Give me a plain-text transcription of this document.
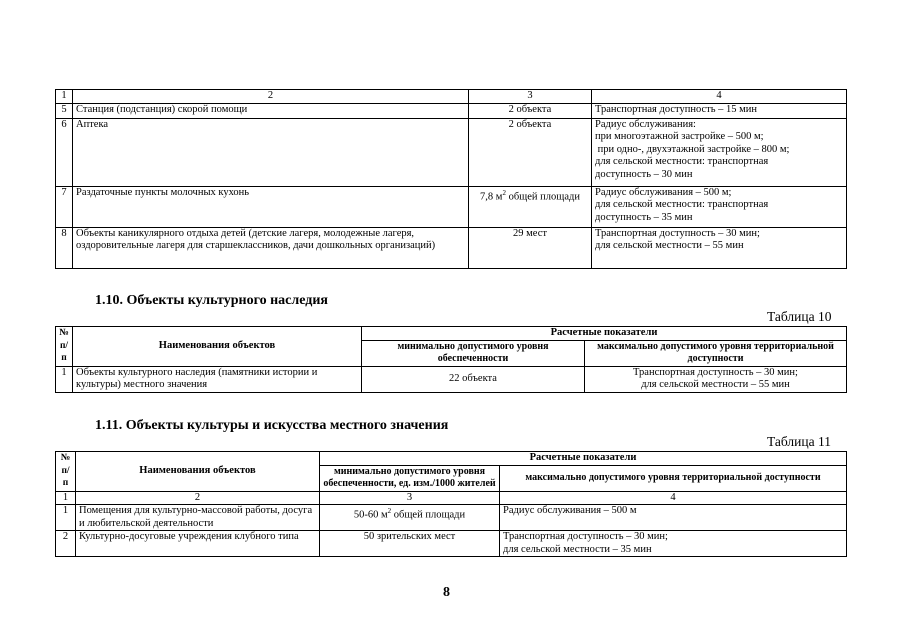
1	2	3	4
5	Станция (подстанция) скорой помощи	2 объекта	Транспортная доступность – 15 мин

6	Аптека	2 объекта	Радиус обслуживания:
при многоэтажной застройке – 500 м;
при одно-, двухэтажной застройке – 800 м;
для сельской местности: транспортная
доступность – 30 мин

7	Раздаточные пункты молочных кухонь	7,8 $м^2$ общей площади	Радиус обслуживания – 500 м;
для сельской местности: транспортная
доступность – 35 мин

8	Объекты каникулярного отдыха детей (детские лагеря, молодежные лагеря, оздоровительные лагеря для старшеклассников, дачи дошкольных организаций)	29 мест	Транспортная доступность – 30 мин;
для сельской местности – 55 мин
1.10. Объекты культурного наследия
Таблица 10
№ п/п	Наименования объектов	Расчетные показатели	
		минимально допустимого уровня обеспеченности	максимально допустимого уровня территориальной доступности
1	Объекты культурного наследия (памятники истории и культуры) местного значения	22 объекта	Транспортная доступность – 30 мин;
для сельской местности – 55 мин
1.11. Объекты культуры и искусства местного значения
Таблица 11
№ п/п	Наименования объектов	Расчетные показатели	
		минимально допустимого уровня обеспеченности, ед. изм./1000 жителей	максимально допустимого уровня территориальной доступности
1	2	3	4
1	Помещения для культурно-массовой работы, досуга и любительской деятельности	50-60 $м^2$ общей площади	Радиус обслуживания – 500 м

2	Культурно-досуговые учреждения клубного типа	50 зрительских мест	Транспортная доступность – 30 мин;
для сельской местности – 35 мин
8
